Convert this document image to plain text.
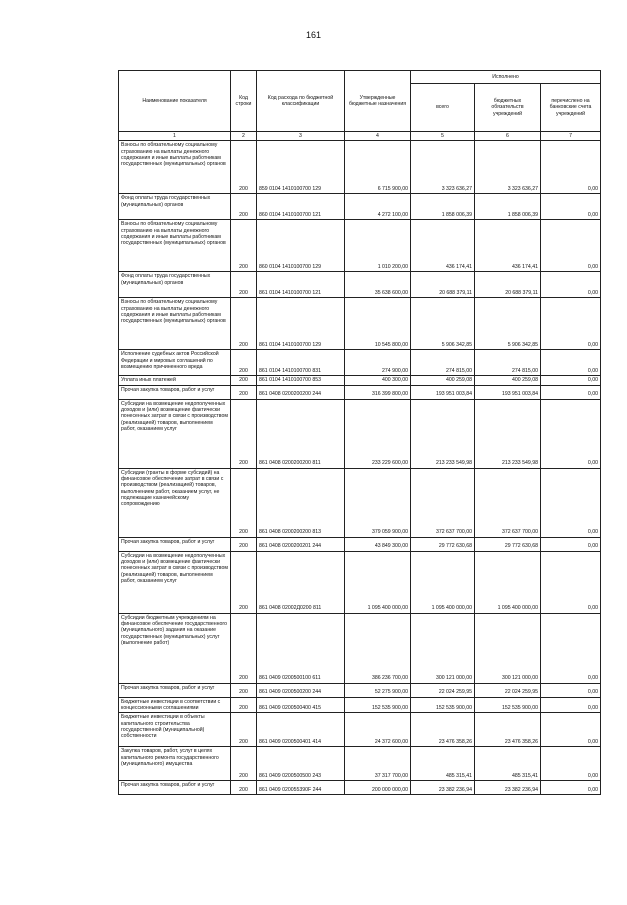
161
Наименование показателя	Код строки	Код расхода по бюджетной классификации	Утвержденные бюджетные назначения	Исполнено		
				всего	бюджетных обязательств учреждений	перечислено на банковские счета учреждений
1	2	3	4	5	6	7
Взносы по обязательному социальному страхованию на выплаты денежного содержания и иные выплаты работникам государственных (муниципальных) органов	200	859 0104 1410100700 129	6 715 900,00	3 323 636,27	3 323 636,27	0,00
Фонд оплаты труда государственных (муниципальных) органов	200	860 0104 1410100700 121	4 272 100,00	1 858 006,39	1 858 006,39	0,00
Взносы по обязательному социальному страхованию на выплаты денежного содержания и иные выплаты работникам государственных (муниципальных) органов	200	860 0104 1410100700 129	1 010 200,00	436 174,41	436 174,41	0,00
Фонд оплаты труда государственных (муниципальных) органов	200	861 0104 1410100700 121	35 638 600,00	20 688 379,11	20 688 379,11	0,00
Взносы по обязательному социальному страхованию на выплаты денежного содержания и иные выплаты работникам государственных (муниципальных) органов	200	861 0104 1410100700 129	10 545 800,00	5 906 342,85	5 906 342,85	0,00
Исполнение судебных актов Российской Федерации и мировых соглашений по возмещению причиненного вреда	200	861 0104 1410100700 831	274 900,00	274 815,00	274 815,00	0,00
Уплата иных платежей	200	861 0104 1410100700 853	400 300,00	400 259,08	400 259,08	0,00
Прочая закупка товаров, работ и услуг	200	861 0408 0200200200 244	316 399 800,00	193 951 003,84	193 951 003,84	0,00
Субсидии на возмещение недополученных доходов и (или) возмещение фактически понесенных затрат в связи с производством (реализацией) товаров, выполнением работ, оказанием услуг	200	861 0408 0200200200 811	233 229 600,00	213 233 549,98	213 233 549,98	0,00
Субсидии (гранты в форме субсидий) на финансовое обеспечение затрат в связи с производством (реализацией) товаров, выполнением работ, оказанием услуг, не подлежащие казначейскому сопровождению	200	861 0408 0200200200 813	379 059 900,00	372 637 700,00	372 637 700,00	0,00
Прочая закупка товаров, работ и услуг	200	861 0408 0200200201 244	43 849 300,00	29 772 630,68	29 772 630,68	0,00
Субсидии на возмещение недополученных доходов и (или) возмещение фактически понесенных затрат в связи с производством (реализацией) товаров, выполнением работ, оказанием услуг	200	861 0408 02002Д0200 811	1 095 400 000,00	1 095 400 000,00	1 095 400 000,00	0,00
Субсидии бюджетным учреждениям на финансовое обеспечение государственного (муниципального) задания на оказание государственных (муниципальных) услуг (выполнение работ)	200	861 0409 0200500100 611	386 236 700,00	300 121 000,00	300 121 000,00	0,00
Прочая закупка товаров, работ и услуг	200	861 0409 0200500200 244	52 275 900,00	22 024 259,95	22 024 259,95	0,00
Бюджетные инвестиции в соответствии с концессионными соглашениями	200	861 0409 0200500400 415	152 535 900,00	152 535 900,00	152 535 900,00	0,00
Бюджетные инвестиции в объекты капитального строительства государственной (муниципальной) собственности	200	861 0409 0200500401 414	24 372 600,00	23 476 358,26	23 476 358,26	0,00
Закупка товаров, работ, услуг в целях капитального ремонта государственного (муниципального) имущества	200	861 0409 0200500500 243	37 317 700,00	485 315,41	485 315,41	0,00
Прочая закупка товаров, работ и услуг	200	861 0409 020055390F 244	200 000 000,00	23 382 236,94	23 382 236,94	0,00
